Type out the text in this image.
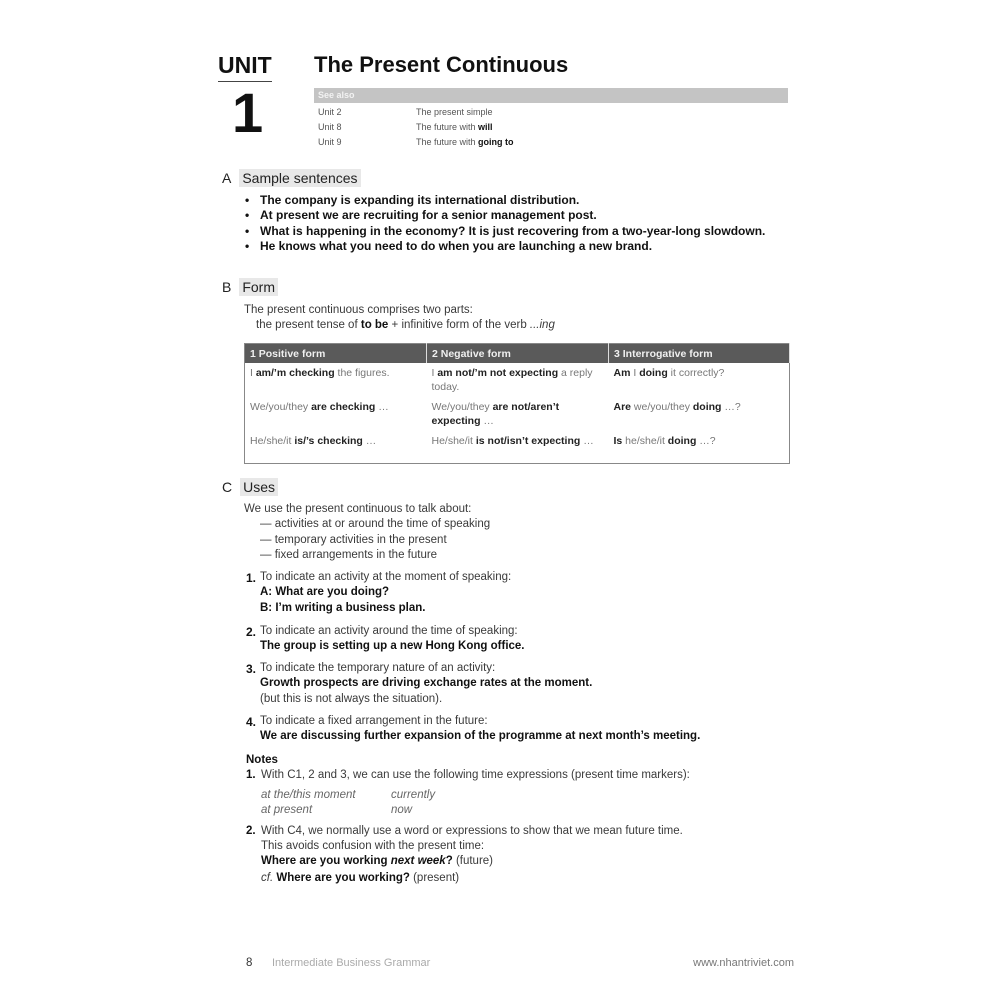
UNIT
1
The Present Continuous
See also
Unit 2	The present simple
Unit 8	The future with will
Unit 9	The future with going to
A Sample sentences
• The company is expanding its international distribution.
• At present we are recruiting for a senior management post.
• What is happening in the economy? It is just recovering from a two-year-long slowdown.
• He knows what you need to do when you are launching a new brand.
B Form
The present continuous comprises two parts:
the present tense of to be + infinitive form of the verb ...ing
1 Positive form	2 Negative form	3 Interrogative form
I am/’m checking the figures.	I am not/’m not expecting a reply today.	Am I doing it correctly?
We/you/they are checking …	We/you/they are not/aren’t expecting …	Are we/you/they doing …?
He/she/it is/’s checking …	He/she/it is not/isn’t expecting …	Is he/she/it doing …?
C Uses
We use the present continuous to talk about:
— activities at or around the time of speaking
— temporary activities in the present
— fixed arrangements in the future
1. To indicate an activity at the moment of speaking:
A: What are you doing?
B: I’m writing a business plan.
2. To indicate an activity around the time of speaking:
The group is setting up a new Hong Kong office.
3. To indicate the temporary nature of an activity:
Growth prospects are driving exchange rates at the moment.
(but this is not always the situation).
4. To indicate a fixed arrangement in the future:
We are discussing further expansion of the programme at next month’s meeting.
Notes
1. With C1, 2 and 3, we can use the following time expressions (present time markers):
at the/this moment	currently
at present	now
2. With C4, we normally use a word or expressions to show that we mean future time.
This avoids confusion with the present time:
Where are you working next week? (future)
cf. Where are you working? (present)
8 Intermediate Business Grammar	www.nhantriviet.com
